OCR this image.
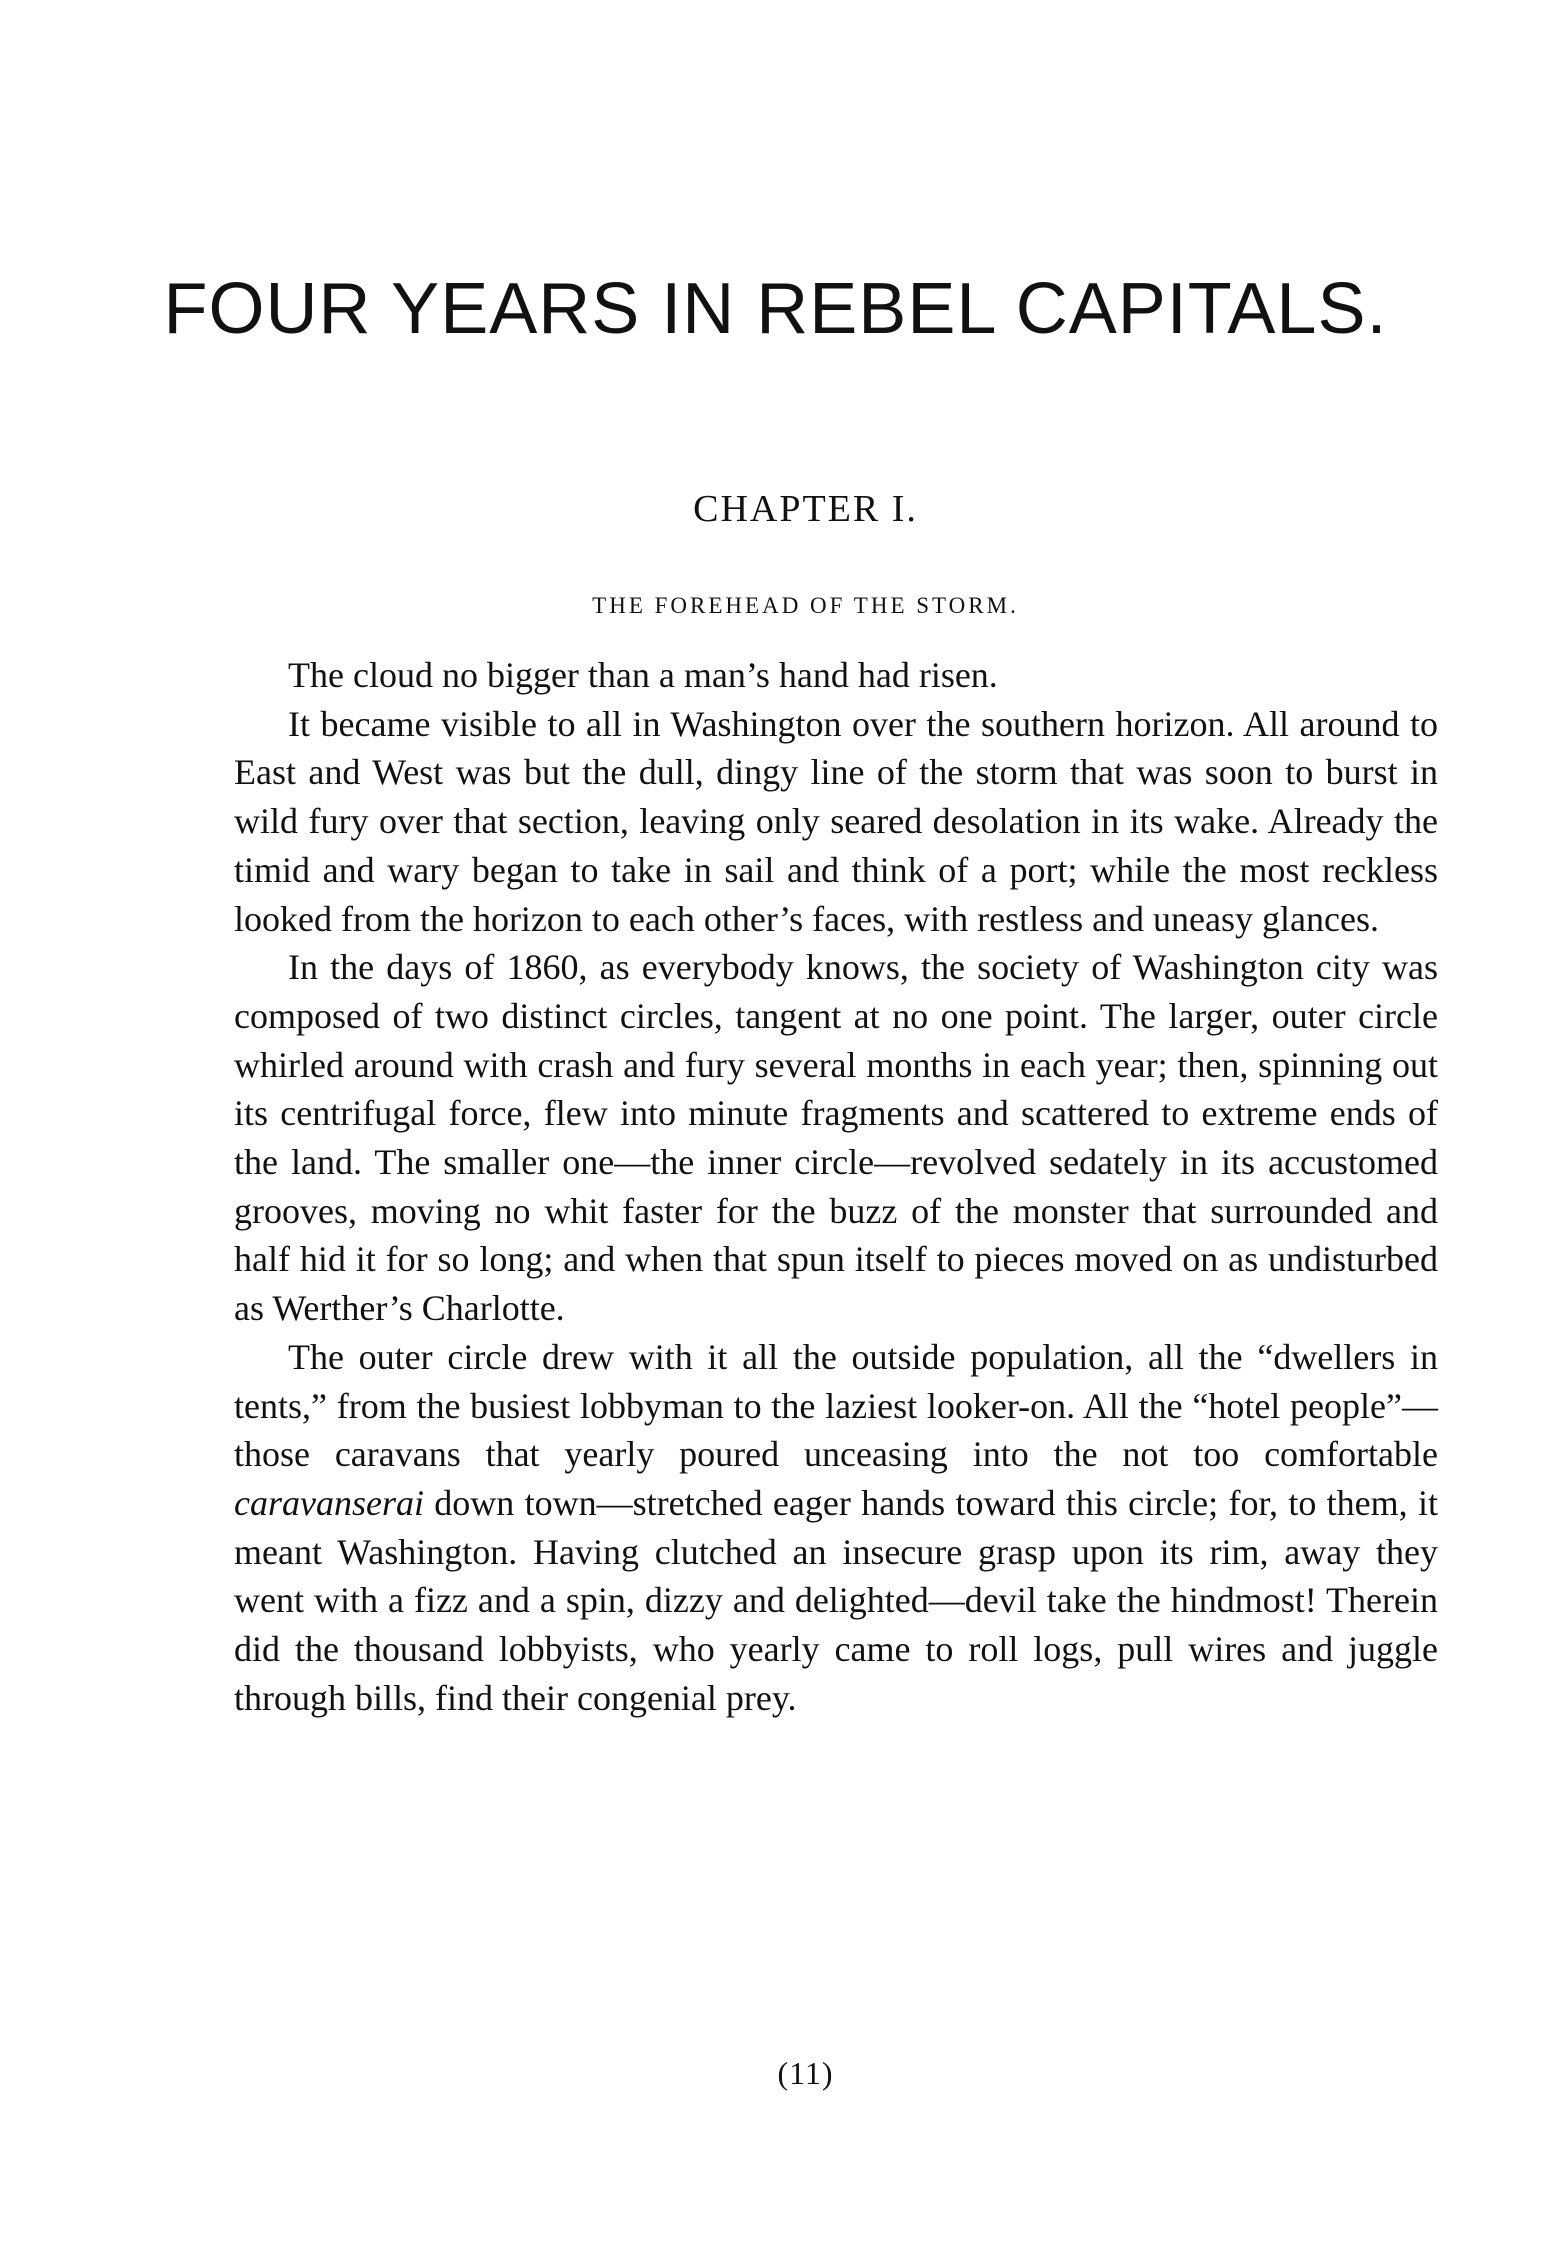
FOUR YEARS IN REBEL CAPITALS.
CHAPTER I.
THE FOREHEAD OF THE STORM.

The cloud no bigger than a man’s hand had risen.

It became visible to all in Washington over the southern horizon. All around to East and West was but the dull, dingy line of the storm that was soon to burst in wild fury over that section, leaving only seared desolation in its wake. Already the timid and wary began to take in sail and think of a port; while the most reckless looked from the horizon to each other’s faces, with restless and uneasy glances.

In the days of 1860, as everybody knows, the society of Washington city was composed of two distinct circles, tangent at no one point. The larger, outer circle whirled around with crash and fury several months in each year; then, spinning out its centrifugal force, flew into minute fragments and scattered to extreme ends of the land. The smaller one—the inner circle—revolved sedately in its accustomed grooves, moving no whit faster for the buzz of the monster that surrounded and half hid it for so long; and when that spun itself to pieces moved on as undisturbed as Werther’s Charlotte.

The outer circle drew with it all the outside population, all the “dwellers in tents,” from the busiest lobbyman to the laziest looker-on. All the “hotel people”—those caravans that yearly poured unceasing into the not too comfortable caravanserai down town—stretched eager hands toward this circle; for, to them, it meant Washington. Having clutched an insecure grasp upon its rim, away they went with a fizz and a spin, dizzy and delighted—devil take the hindmost! Therein did the thousand lobbyists, who yearly came to roll logs, pull wires and juggle through bills, find their congenial prey.

(11)
